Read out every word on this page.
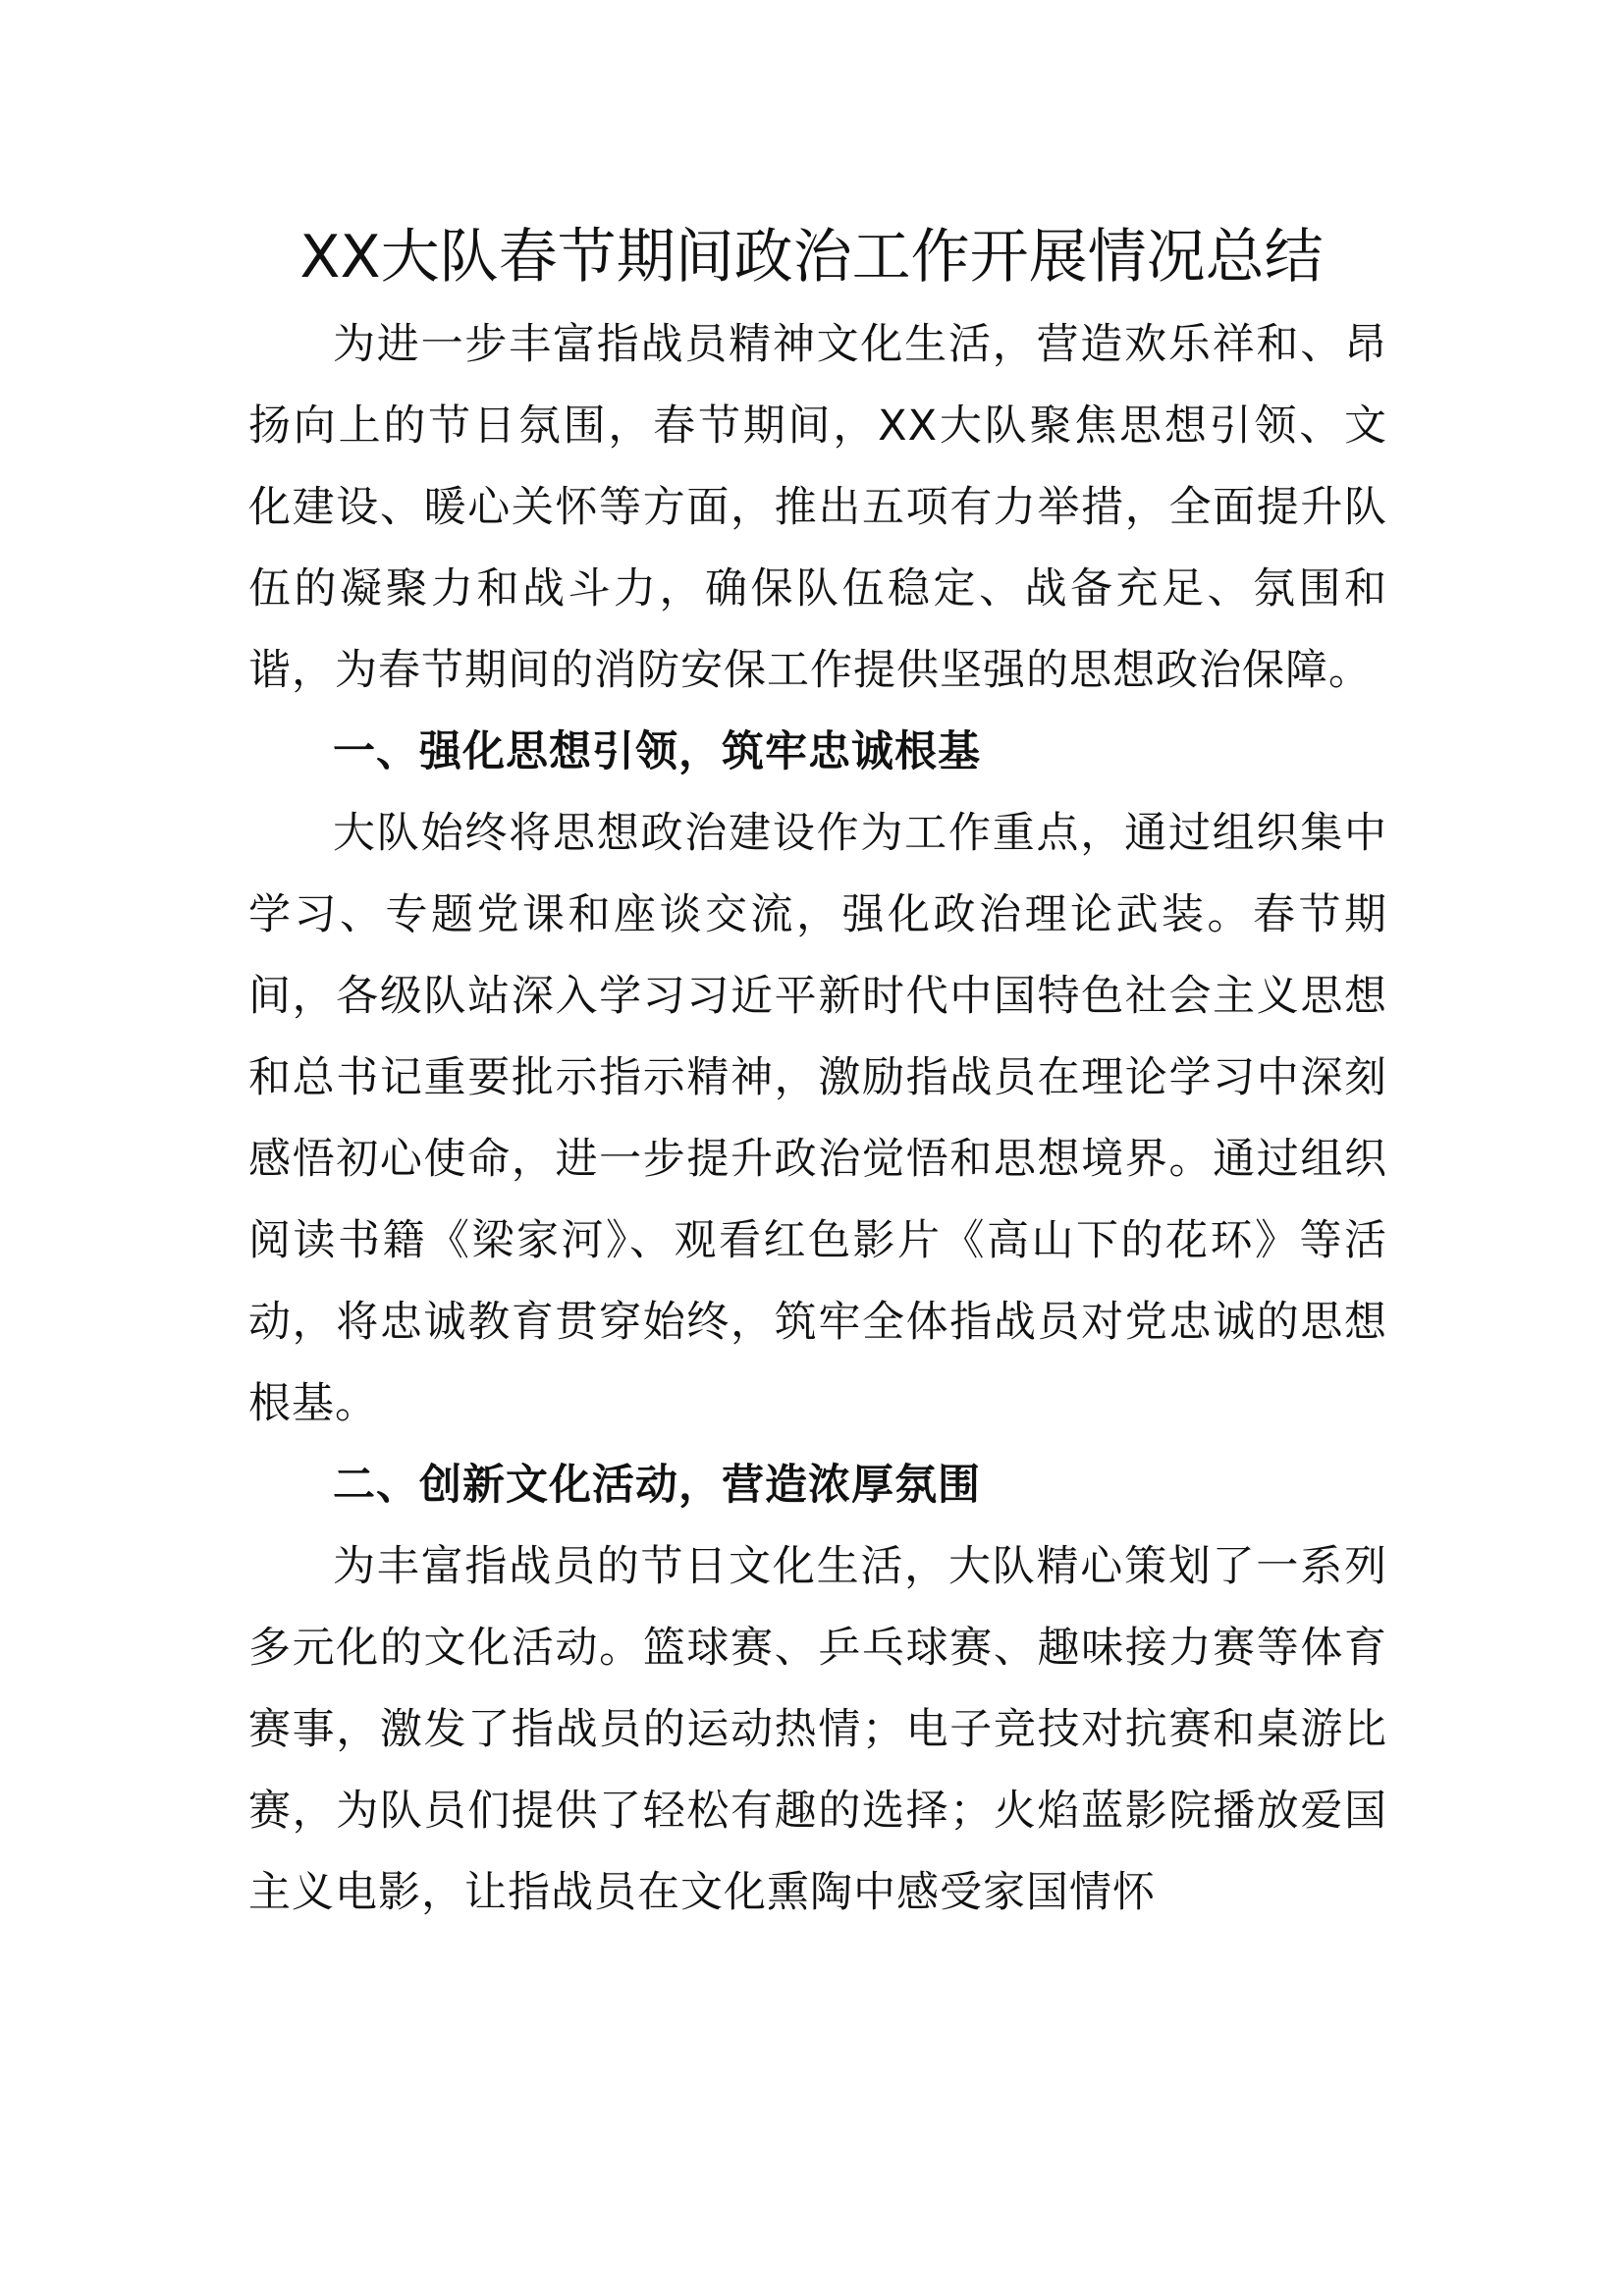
XX大队春节期间政治工作开展情况总结

为进一步丰富指战员精神文化生活，营造欢乐祥和、昂扬向上的节日氛围，春节期间，XX大队聚焦思想引领、文化建设、暖心关怀等方面，推出五项有力举措，全面提升队伍的凝聚力和战斗力，确保队伍稳定、战备充足、氛围和谐，为春节期间的消防安保工作提供坚强的思想政治保障。

一、强化思想引领，筑牢忠诚根基

大队始终将思想政治建设作为工作重点，通过组织集中学习、专题党课和座谈交流，强化政治理论武装。春节期间，各级队站深入学习习近平新时代中国特色社会主义思想和总书记重要批示指示精神，激励指战员在理论学习中深刻感悟初心使命，进一步提升政治觉悟和思想境界。通过组织阅读书籍《梁家河》、观看红色影片《高山下的花环》等活动，将忠诚教育贯穿始终，筑牢全体指战员对党忠诚的思想根基。

二、创新文化活动，营造浓厚氛围

为丰富指战员的节日文化生活，大队精心策划了一系列多元化的文化活动。篮球赛、乒乓球赛、趣味接力赛等体育赛事，激发了指战员的运动热情；电子竞技对抗赛和桌游比赛，为队员们提供了轻松有趣的选择；火焰蓝影院播放爱国主义电影，让指战员在文化熏陶中感受家国情怀
